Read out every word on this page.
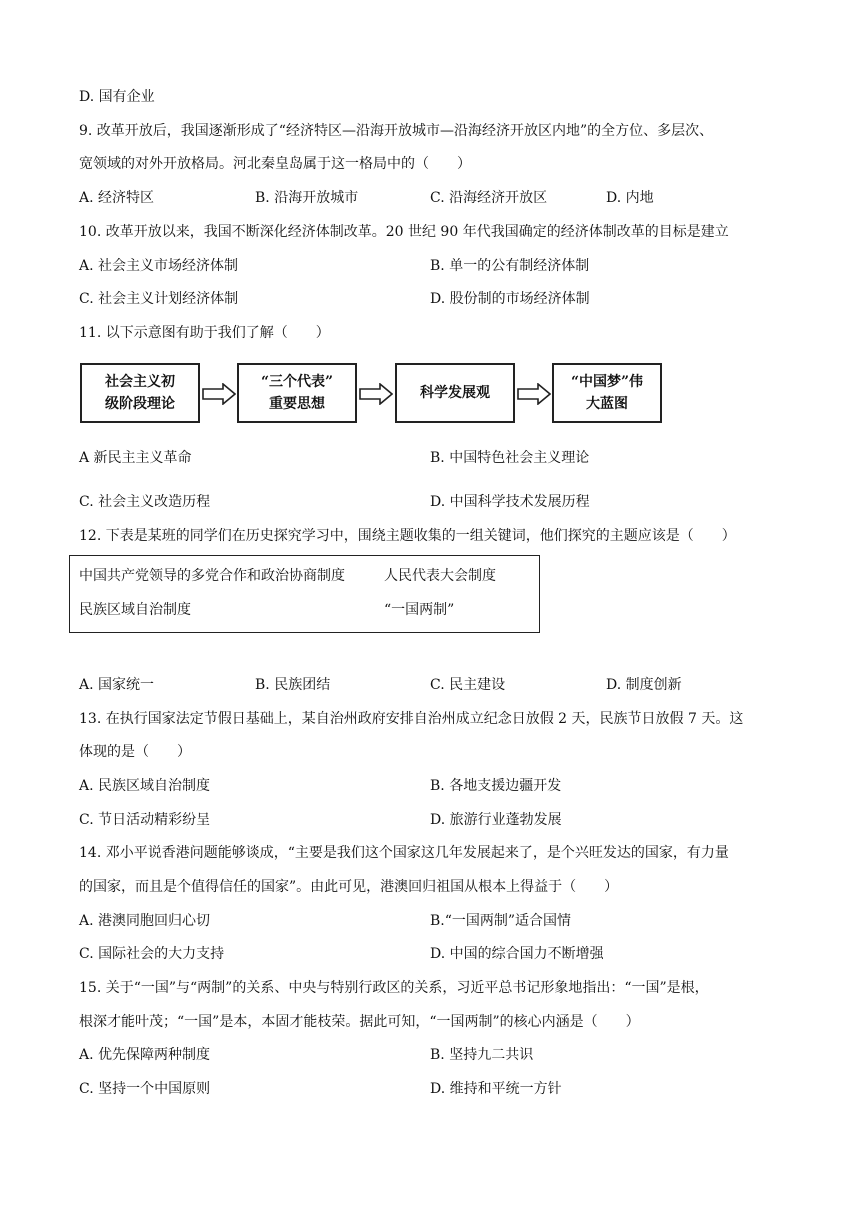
D. 国有企业
9. 改革开放后，我国逐渐形成了“经济特区—沿海开放城市—沿海经济开放区内地”的全方位、多层次、
宽领域的对外开放格局。河北秦皇岛属于这一格局中的（　　）
A. 经济特区	B. 沿海开放城市	C. 沿海经济开放区	D. 内地
10. 改革开放以来，我国不断深化经济体制改革。20 世纪 90 年代我国确定的经济体制改革的目标是建立
A. 社会主义市场经济体制	B. 单一的公有制经济体制
C. 社会主义计划经济体制	D. 股份制的市场经济体制
11. 以下示意图有助于我们了解（　　）
社会主义初
级阶段理论
“三个代表”
重要思想
科学发展观
“中国梦”伟
大蓝图
A 新民主主义革命	B. 中国特色社会主义理论
C. 社会主义改造历程	D. 中国科学技术发展历程
12. 下表是某班的同学们在历史探究学习中，围绕主题收集的一组关键词，他们探究的主题应该是（　　）
中国共产党领导的多党合作和政治协商制度	人民代表大会制度
民族区域自治制度	“一国两制”
A. 国家统一	B. 民族团结	C. 民主建设	D. 制度创新
13. 在执行国家法定节假日基础上，某自治州政府安排自治州成立纪念日放假 2 天，民族节日放假 7 天。这
体现的是（　　）
A. 民族区域自治制度	B. 各地支援边疆开发
C. 节日活动精彩纷呈	D. 旅游行业蓬勃发展
14. 邓小平说香港问题能够谈成，“主要是我们这个国家这几年发展起来了，是个兴旺发达的国家，有力量
的国家，而且是个值得信任的国家”。由此可见，港澳回归祖国从根本上得益于（　　）
A. 港澳同胞回归心切	B.“一国两制”适合国情
C. 国际社会的大力支持	D. 中国的综合国力不断增强
15. 关于“一国”与“两制”的关系、中央与特别行政区的关系，习近平总书记形象地指出：“一国”是根，
根深才能叶茂；“一国”是本，本固才能枝荣。据此可知，“一国两制”的核心内涵是（　　）
A. 优先保障两种制度	B. 坚持九二共识
C. 坚持一个中国原则	D. 维持和平统一方针
